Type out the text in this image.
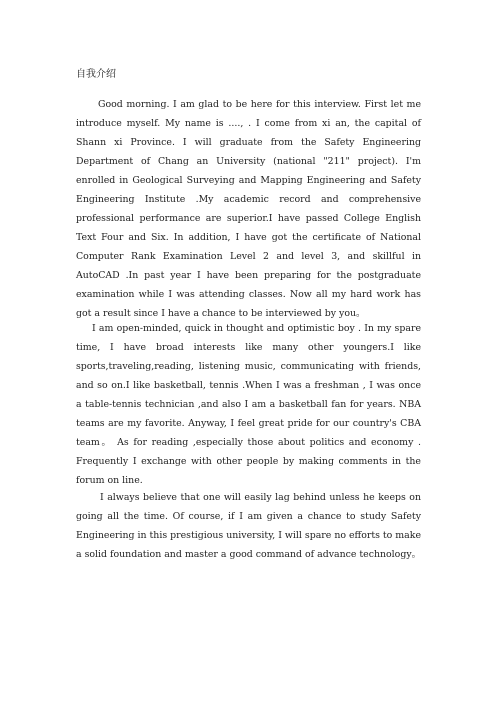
自我介绍

Good morning. I am glad to be here for this interview. First let me introduce myself. My name is ...., . I come from xi an, the capital of Shann xi Province. I will graduate from the Safety Engineering Department of Chang an University (national "211" project). I'm enrolled in Geological Surveying and Mapping Engineering and Safety Engineering Institute .My academic record and comprehensive professional performance are superior.I have passed College English Text Four and Six. In addition, I have got the certificate of National Computer Rank Examination Level 2 and level 3, and skillful in AutoCAD .In past year I have been preparing for the postgraduate examination while I was attending classes. Now all my hard work has got a result since I have a chance to be interviewed by you。

I am open-minded, quick in thought and optimistic boy . In my spare time, I have broad interests like many other youngers.I like sports,traveling,reading, listening music, communicating with friends, and so on.I like basketball, tennis .When I was a freshman , I was once a table-tennis technician ,and also I am a basketball fan for years. NBA teams are my favorite. Anyway, I feel great pride for our country's CBA team。 As for reading ,especially those about politics and economy . Frequently I exchange with other people by making comments in the forum on line.

I always believe that one will easily lag behind unless he keeps on going all the time. Of course, if I am given a chance to study Safety Engineering in this prestigious university, I will spare no efforts to make a solid foundation and master a good command of advance technology。
